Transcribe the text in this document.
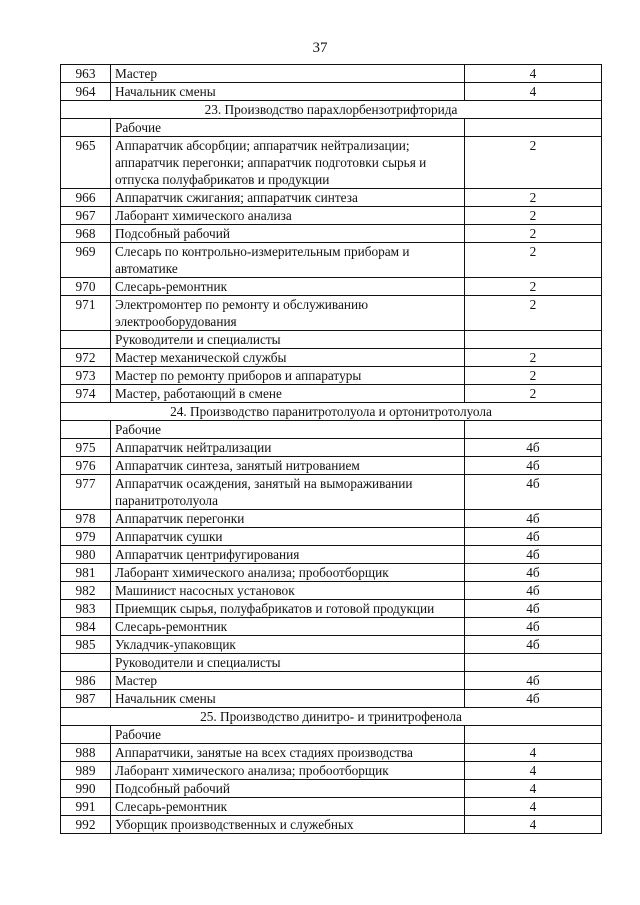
37
963	Мастер	4
964	Начальник смены	4
23. Производство парахлорбензотрифторида		
	Рабочие	
965	Аппаратчик абсорбции; аппаратчик нейтрализации; аппаратчик перегонки; аппаратчик подготовки сырья и отпуска полуфабрикатов и продукции	2
966	Аппаратчик сжигания; аппаратчик синтеза	2
967	Лаборант химического анализа	2
968	Подсобный рабочий	2
969	Слесарь по контрольно-измерительным приборам и автоматике	2
970	Слесарь-ремонтник	2
971	Электромонтер по ремонту и обслуживанию электрооборудования	2
	Руководители и специалисты	
972	Мастер механической службы	2
973	Мастер по ремонту приборов и аппаратуры	2
974	Мастер, работающий в смене	2
24. Производство паранитротолуола и ортонитротолуола		
	Рабочие	
975	Аппаратчик нейтрализации	4б
976	Аппаратчик синтеза, занятый нитрованием	4б
977	Аппаратчик осаждения, занятый на вымораживании паранитротолуола	4б
978	Аппаратчик перегонки	4б
979	Аппаратчик сушки	4б
980	Аппаратчик центрифугирования	4б
981	Лаборант химического анализа; пробоотборщик	4б
982	Машинист насосных установок	4б
983	Приемщик сырья, полуфабрикатов и готовой продукции	4б
984	Слесарь-ремонтник	4б
985	Укладчик-упаковщик	4б
	Руководители и специалисты	
986	Мастер	4б
987	Начальник смены	4б
25. Производство динитро- и тринитрофенола		
	Рабочие	
988	Аппаратчики, занятые на всех стадиях производства	4
989	Лаборант химического анализа; пробоотборщик	4
990	Подсобный рабочий	4
991	Слесарь-ремонтник	4
992	Уборщик производственных и служебных	4
